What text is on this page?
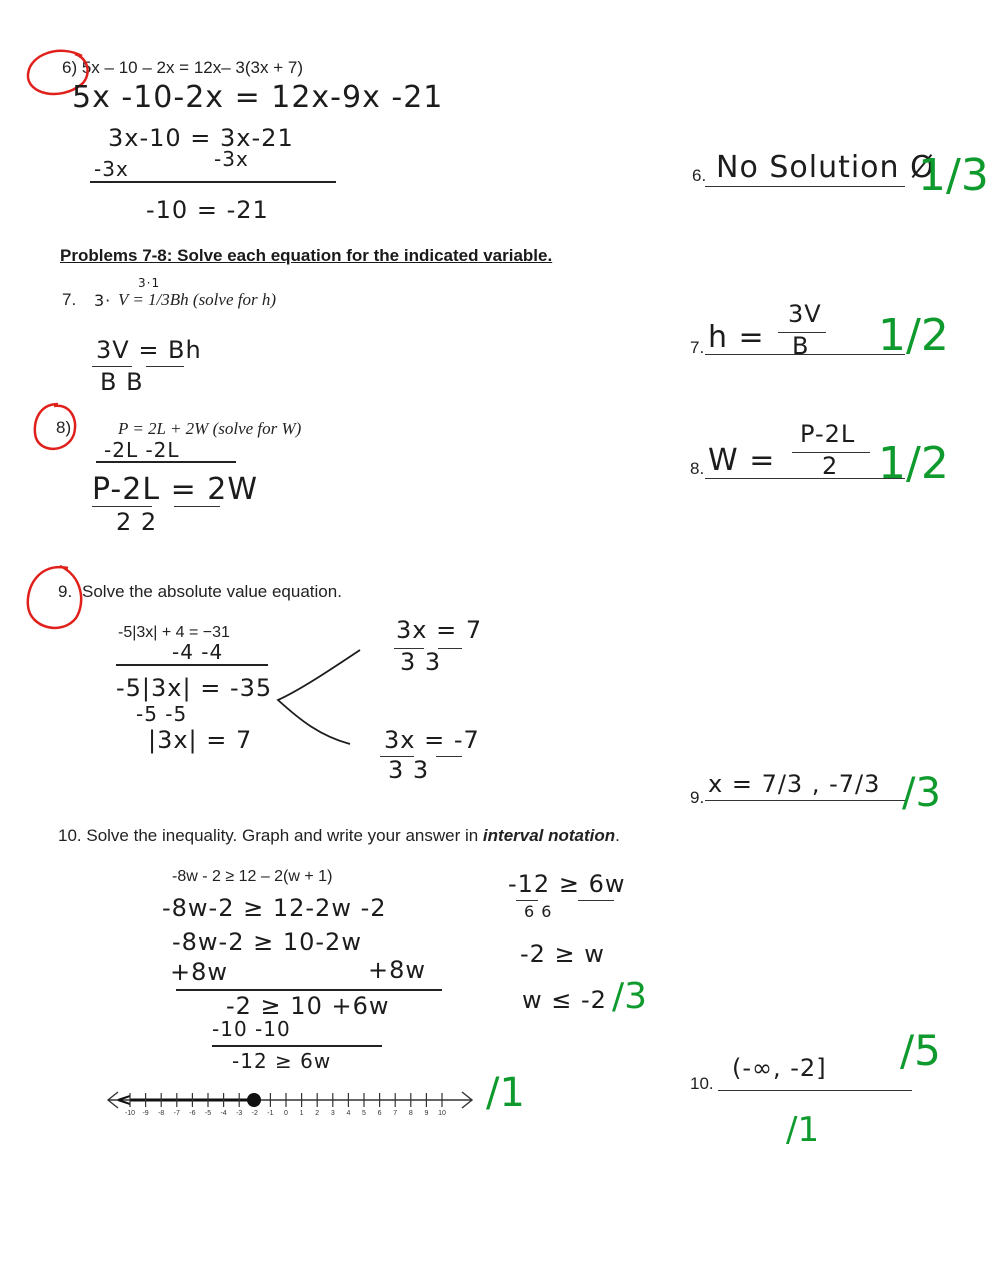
6) 5x – 10 – 2x = 12x– 3(3x + 7)
5x -10-2x = 12x-9x -21
3x-10 = 3x-21
-3x	-3x
-10 = -21
6. No Solution Ø
1/3
Problems 7-8: Solve each equation for the indicated variable.
7. 3·
3·1
V = 1/3Bh (solve for h)
3V = Bh
B B
7. h =
3V
B 1/2
8)	P = 2L + 2W (solve for W)
-2L -2L
P-2L = 2W
2 2
8. W =
P-2L
2 1/2
9. Solve the absolute value equation.
-5|3x| + 4 = −31
-4 -4
-5|3x| = -35
-5 -5
|3x| = 7
3x = 7
3 3
3x = -7
3 3
9. x = 7/3 , -7/3 /3
10. Solve the inequality. Graph and write your answer in interval notation.
-8w - 2 ≥ 12 – 2(w + 1)
-8w-2 ≥ 12-2w -2
-8w-2 ≥ 10-2w
+8w	+8w
-2 ≥ 10 +6w
-10 -10
-12 ≥ 6w
-12 ≥ 6w
6 6
-2 ≥ w
w ≤ -2 /3
-10	-9	-8	-7	-6	-5	-4	-3	-2	-1	0	1	2	3	4	5	6	7	8	9	10 /1	10.
(-∞, -2] /5
/1
